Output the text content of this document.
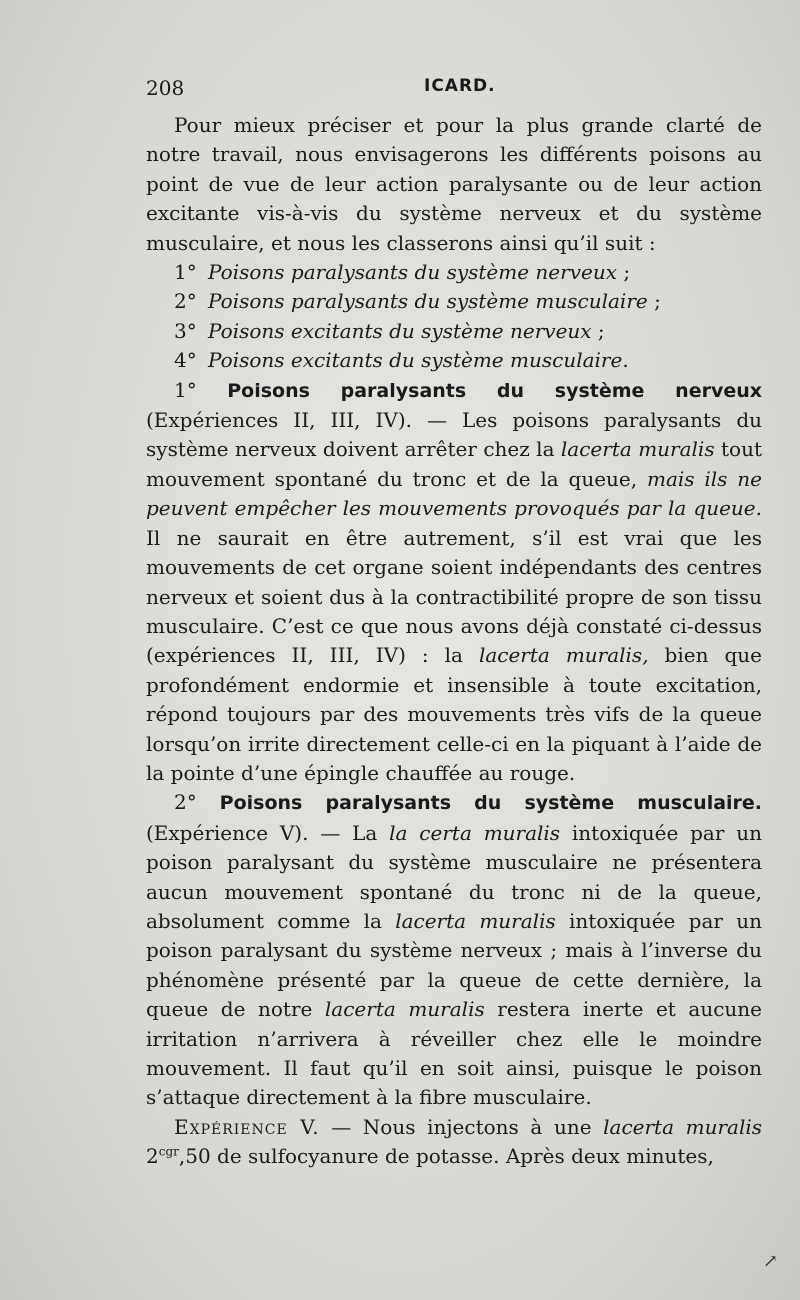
208	ICARD.

Pour mieux préciser et pour la plus grande clarté de notre travail, nous envisagerons les différents poisons au point de vue de leur action paralysante ou de leur action excitante vis-à-vis du système nerveux et du système musculaire, et nous les classerons ainsi qu’il suit :

1° Poisons paralysants du système nerveux ;

2° Poisons paralysants du système musculaire ;

3° Poisons excitants du système nerveux ;

4° Poisons excitants du système musculaire.

1° Poisons paralysants du système nerveux (Expériences II, III, IV). — Les poisons paralysants du système nerveux doivent arrêter chez la lacerta muralis tout mouvement spontané du tronc et de la queue, mais ils ne peuvent empêcher les mouvements provoqués par la queue. Il ne saurait en être autrement, s’il est vrai que les mouvements de cet organe soient indépendants des centres nerveux et soient dus à la contractibilité propre de son tissu musculaire. C’est ce que nous avons déjà constaté ci-dessus (expériences II, III, IV) : la lacerta muralis, bien que profondément endormie et insensible à toute excitation, répond toujours par des mouvements très vifs de la queue lorsqu’on irrite directement celle-ci en la piquant à l’aide de la pointe d’une épingle chauffée au rouge.

2° Poisons paralysants du système musculaire. (Expérience V). — La la certa muralis intoxiquée par un poison paralysant du système musculaire ne présentera aucun mouvement spontané du tronc ni de la queue, absolument comme la lacerta muralis intoxiquée par un poison paralysant du système nerveux ; mais à l’inverse du phénomène présenté par la queue de cette dernière, la queue de notre lacerta muralis restera inerte et aucune irritation n’arrivera à réveiller chez elle le moindre mouvement. Il faut qu’il en soit ainsi, puisque le poison s’attaque directement à la fibre musculaire.

Expérience V. — Nous injectons à une lacerta muralis $2^{cgr},50$ de sulfocyanure de potasse. Après deux minutes,

↗
